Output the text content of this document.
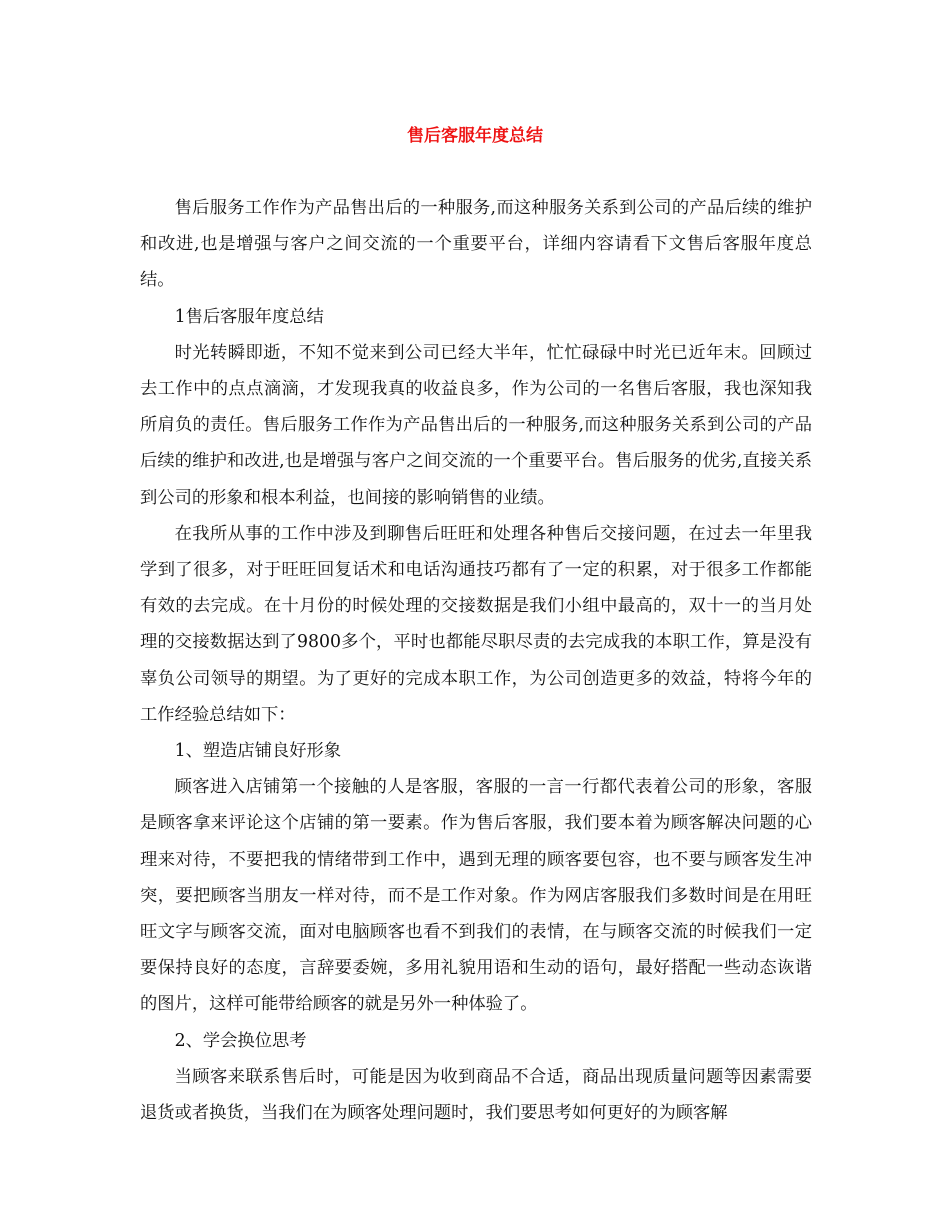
售后客服年度总结

售后服务工作作为产品售出后的一种服务,而这种服务关系到公司的产品后续的维护和改进,也是增强与客户之间交流的一个重要平台，详细内容请看下文售后客服年度总结。

1售后客服年度总结

时光转瞬即逝，不知不觉来到公司已经大半年，忙忙碌碌中时光已近年末。回顾过去工作中的点点滴滴，才发现我真的收益良多，作为公司的一名售后客服，我也深知我所肩负的责任。售后服务工作作为产品售出后的一种服务,而这种服务关系到公司的产品后续的维护和改进,也是增强与客户之间交流的一个重要平台。售后服务的优劣,直接关系到公司的形象和根本利益，也间接的影响销售的业绩。

在我所从事的工作中涉及到聊售后旺旺和处理各种售后交接问题，在过去一年里我学到了很多，对于旺旺回复话术和电话沟通技巧都有了一定的积累，对于很多工作都能有效的去完成。在十月份的时候处理的交接数据是我们小组中最高的，双十一的当月处理的交接数据达到了9800多个，平时也都能尽职尽责的去完成我的本职工作，算是没有辜负公司领导的期望。为了更好的完成本职工作，为公司创造更多的效益，特将今年的工作经验总结如下：

1、塑造店铺良好形象

顾客进入店铺第一个接触的人是客服，客服的一言一行都代表着公司的形象，客服是顾客拿来评论这个店铺的第一要素。作为售后客服，我们要本着为顾客解决问题的心理来对待，不要把我的情绪带到工作中，遇到无理的顾客要包容，也不要与顾客发生冲突，要把顾客当朋友一样对待，而不是工作对象。作为网店客服我们多数时间是在用旺旺文字与顾客交流，面对电脑顾客也看不到我们的表情，在与顾客交流的时候我们一定要保持良好的态度，言辞要委婉，多用礼貌用语和生动的语句，最好搭配一些动态诙谐的图片，这样可能带给顾客的就是另外一种体验了。

2、学会换位思考

当顾客来联系售后时，可能是因为收到商品不合适，商品出现质量问题等因素需要退货或者换货，当我们在为顾客处理问题时，我们要思考如何更好的为顾客解
